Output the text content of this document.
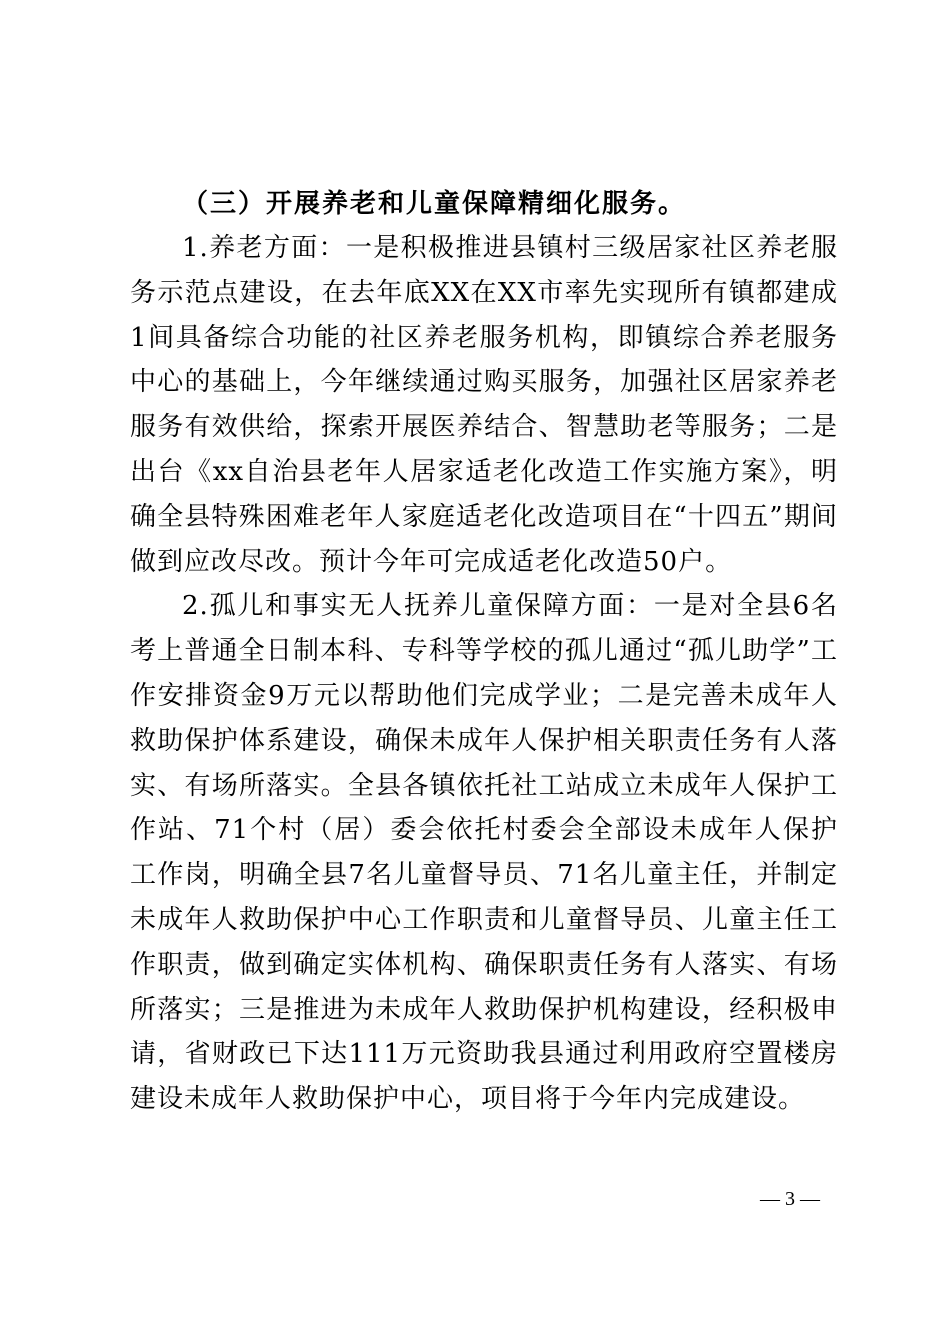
（三）开展养老和儿童保障精细化服务。

1.养老方面：一是积极推进县镇村三级居家社区养老服务示范点建设，在去年底XX在XX市率先实现所有镇都建成1间具备综合功能的社区养老服务机构，即镇综合养老服务中心的基础上，今年继续通过购买服务，加强社区居家养老服务有效供给，探索开展医养结合、智慧助老等服务；二是出台《xx自治县老年人居家适老化改造工作实施方案》，明确全县特殊困难老年人家庭适老化改造项目在“十四五”期间做到应改尽改。预计今年可完成适老化改造50户。

2.孤儿和事实无人抚养儿童保障方面：一是对全县6名考上普通全日制本科、专科等学校的孤儿通过“孤儿助学”工作安排资金9万元以帮助他们完成学业；二是完善未成年人救助保护体系建设，确保未成年人保护相关职责任务有人落实、有场所落实。全县各镇依托社工站成立未成年人保护工作站、71个村（居）委会依托村委会全部设未成年人保护工作岗，明确全县7名儿童督导员、71名儿童主任，并制定未成年人救助保护中心工作职责和儿童督导员、儿童主任工作职责，做到确定实体机构、确保职责任务有人落实、有场所落实；三是推进为未成年人救助保护机构建设，经积极申请，省财政已下达111万元资助我县通过利用政府空置楼房建设未成年人救助保护中心，项目将于今年内完成建设。

— 3 —
